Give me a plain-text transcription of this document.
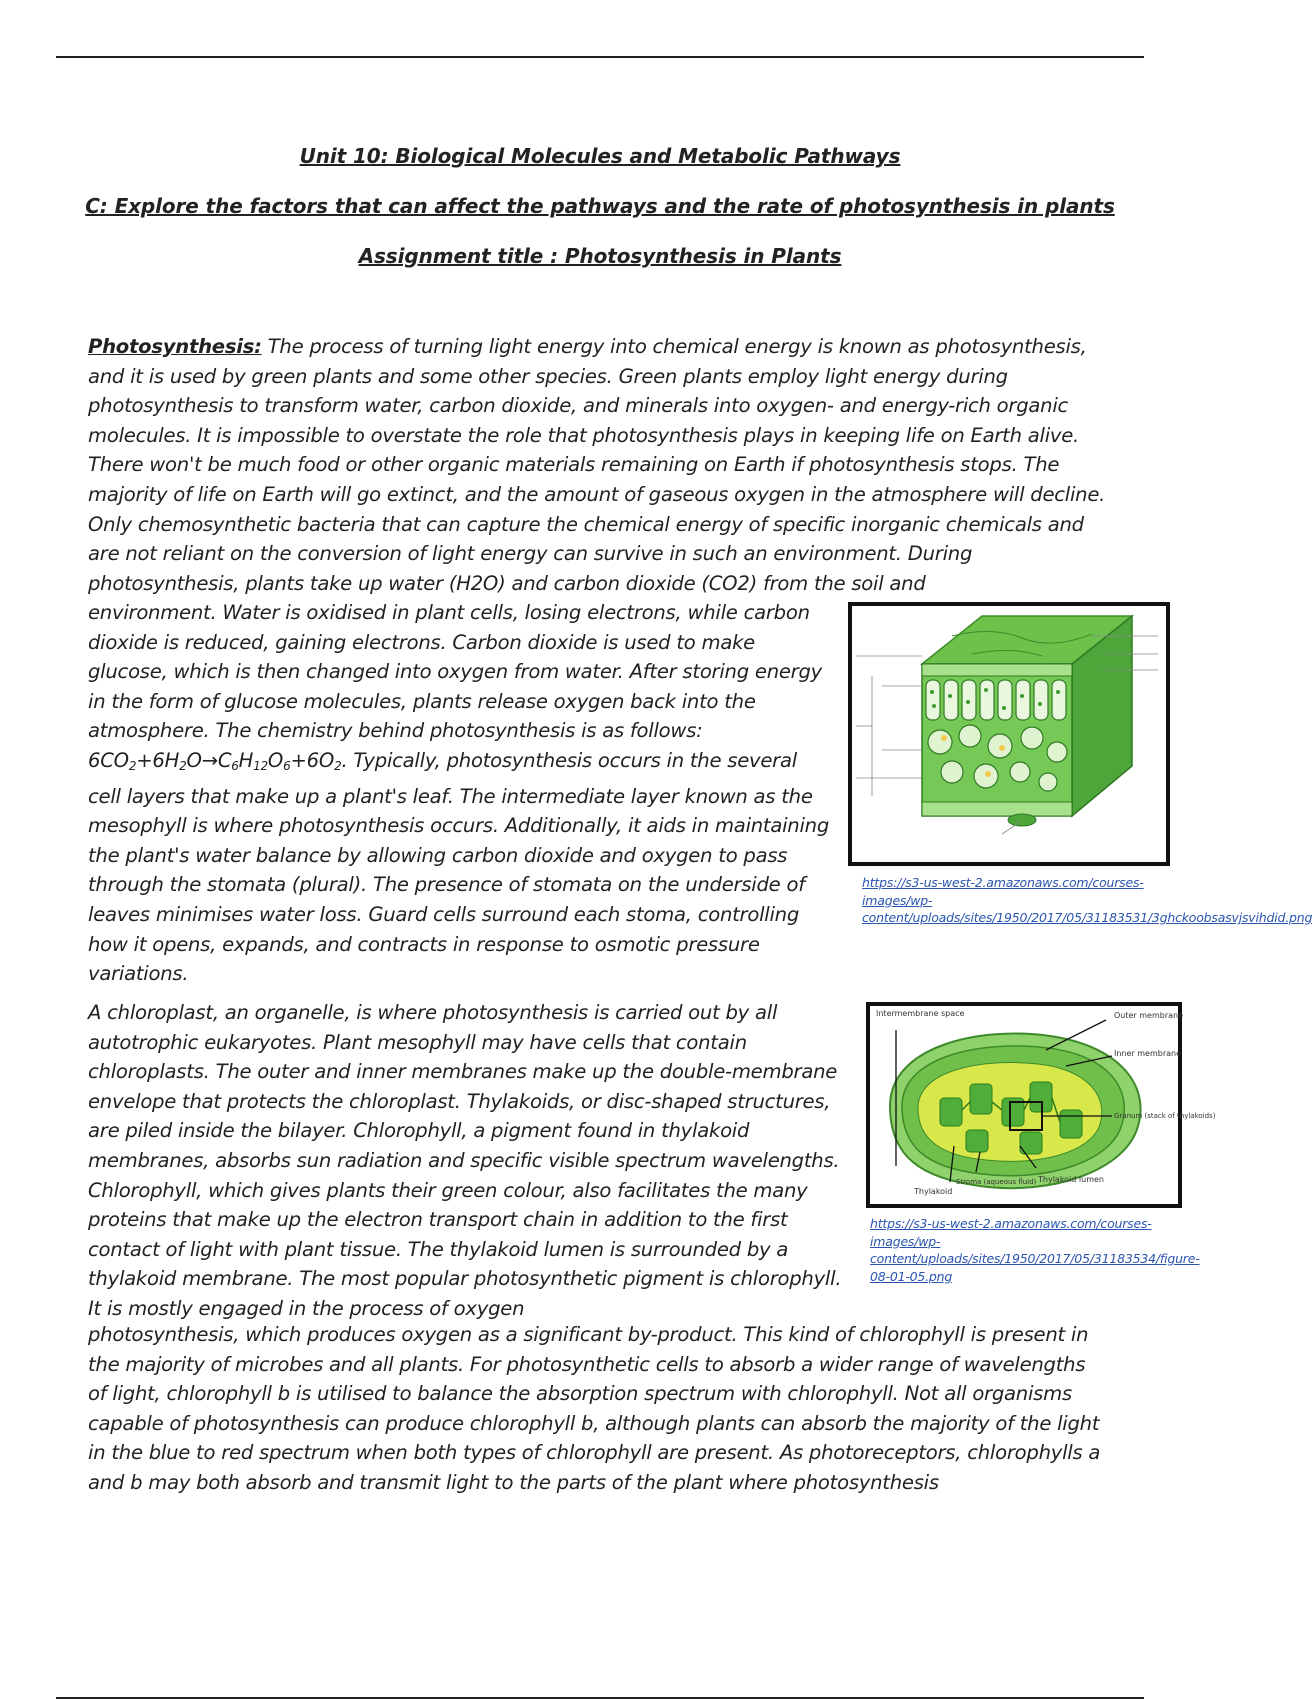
Unit 10: Biological Molecules and Metabolic Pathways
C: Explore the factors that can affect the pathways and the rate of photosynthesis in plants
Assignment title : Photosynthesis in Plants
Photosynthesis: The process of turning light energy into chemical energy is known as photosynthesis, and it is used by green plants and some other species. Green plants employ light energy during photosynthesis to transform water, carbon dioxide, and minerals into oxygen- and energy-rich organic molecules. It is impossible to overstate the role that photosynthesis plays in keeping life on Earth alive. There won't be much food or other organic materials remaining on Earth if photosynthesis stops. The majority of life on Earth will go extinct, and the amount of gaseous oxygen in the atmosphere will decline. Only chemosynthetic bacteria that can capture the chemical energy of specific inorganic chemicals and are not reliant on the conversion of light energy can survive in such an environment. During photosynthesis, plants take up water (H2O) and carbon dioxide (CO2) from the soil and
environment. Water is oxidised in plant cells, losing electrons, while carbon dioxide is reduced, gaining electrons. Carbon dioxide is used to make glucose, which is then changed into oxygen from water. After storing energy in the form of glucose molecules, plants release oxygen back into the atmosphere. The chemistry behind photosynthesis is as follows: $6CO_2+6H_2O\to C_6H_{12}O_6+6O_2$. Typically, photosynthesis occurs in the several cell layers that make up a plant's leaf. The intermediate layer known as the mesophyll is where photosynthesis occurs. Additionally, it aids in maintaining the plant's water balance by allowing carbon dioxide and oxygen to pass through the stomata (plural). The presence of stomata on the underside of leaves minimises water loss. Guard cells surround each stoma, controlling how it opens, expands, and contracts in response to osmotic pressure variations.
https://s3-us-west-2.amazonaws.com/courses-images/wp-content/uploads/sites/1950/2017/05/31183531/3ghckoobsasvjsvihdid.png
A chloroplast, an organelle, is where photosynthesis is carried out by all autotrophic eukaryotes. Plant mesophyll may have cells that contain chloroplasts. The outer and inner membranes make up the double-membrane envelope that protects the chloroplast. Thylakoids, or disc-shaped structures, are piled inside the bilayer. Chlorophyll, a pigment found in thylakoid membranes, absorbs sun radiation and specific visible spectrum wavelengths. Chlorophyll, which gives plants their green colour, also facilitates the many proteins that make up the electron transport chain in addition to the first contact of light with plant tissue. The thylakoid lumen is surrounded by a thylakoid membrane. The most popular photosynthetic pigment is chlorophyll. It is mostly engaged in the process of oxygen
Intermembrane space	Outer membrane
Inner membrane
Granum (stack of thylakoids)
Thylakoid
Stroma (aqueous fluid) Thylakoid lumen
https://s3-us-west-2.amazonaws.com/courses-images/wp-content/uploads/sites/1950/2017/05/31183534/figure-08-01-05.png
photosynthesis, which produces oxygen as a significant by-product. This kind of chlorophyll is present in the majority of microbes and all plants. For photosynthetic cells to absorb a wider range of wavelengths of light, chlorophyll b is utilised to balance the absorption spectrum with chlorophyll. Not all organisms capable of photosynthesis can produce chlorophyll b, although plants can absorb the majority of the light in the blue to red spectrum when both types of chlorophyll are present. As photoreceptors, chlorophylls a and b may both absorb and transmit light to the parts of the plant where photosynthesis
